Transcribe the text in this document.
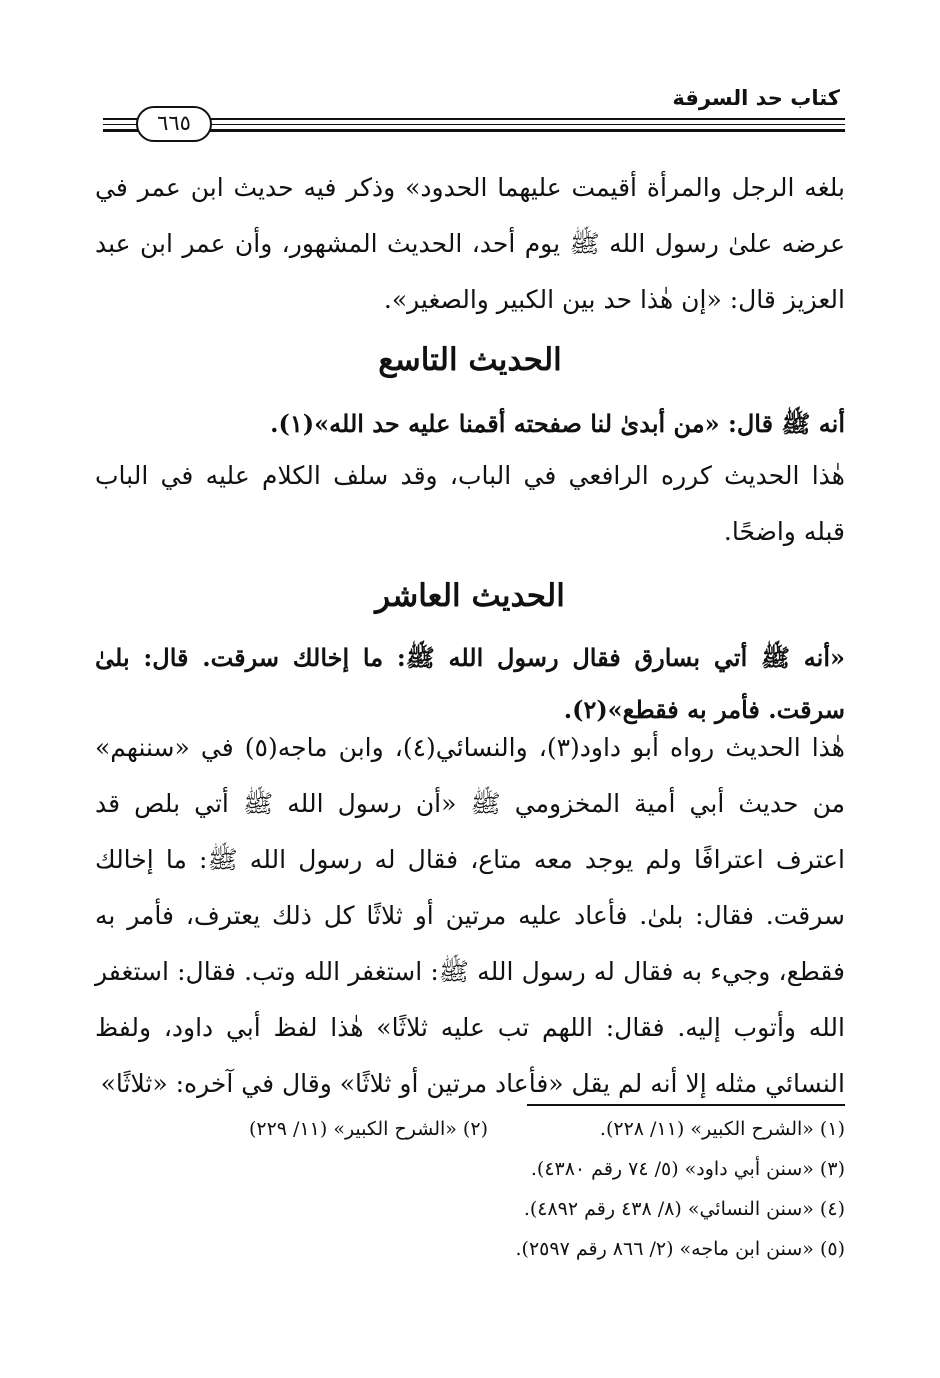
كتاب حد السرقة
٦٦٥
بلغه الرجل والمرأة أقيمت عليهما الحدود» وذكر فيه حديث ابن عمر في عرضه علىٰ رسول الله ﷺ يوم أحد، الحديث المشهور، وأن عمر ابن عبد العزيز قال: «إن هٰذا حد بين الكبير والصغير».
الحديث التاسع
أنه ﷺ قال: «من أبدىٰ لنا صفحته أقمنا عليه حد الله»(١).
هٰذا الحديث كرره الرافعي في الباب، وقد سلف الكلام عليه في الباب قبله واضحًا.
الحديث العاشر
«أنه ﷺ أتي بسارق فقال رسول الله ﷺ: ما إخالك سرقت. قال: بلىٰ سرقت. فأمر به فقطع»(٢).
هٰذا الحديث رواه أبو داود(٣)، والنسائي(٤)، وابن ماجه(٥) في «سننهم» من حديث أبي أمية المخزومي ﷺ «أن رسول الله ﷺ أتي بلص قد اعترف اعترافًا ولم يوجد معه متاع، فقال له رسول الله ﷺ: ما إخالك سرقت. فقال: بلىٰ. فأعاد عليه مرتين أو ثلاثًا كل ذلك يعترف، فأمر به فقطع، وجيء به فقال له رسول الله ﷺ: استغفر الله وتب. فقال: استغفر الله وأتوب إليه. فقال: اللهم تب عليه ثلاثًا» هٰذا لفظ أبي داود، ولفظ النسائي مثله إلا أنه لم يقل «فأعاد مرتين أو ثلاثًا» وقال في آخره: «ثلاثًا»
(١) «الشرح الكبير» (١١/ ٢٢٨).
(٢) «الشرح الكبير» (١١/ ٢٢٩)
(٣) «سنن أبي داود» (٥/ ٧٤ رقم ٤٣٨٠).
(٤) «سنن النسائي» (٨/ ٤٣٨ رقم ٤٨٩٢).
(٥) «سنن ابن ماجه» (٢/ ٨٦٦ رقم ٢٥٩٧).
